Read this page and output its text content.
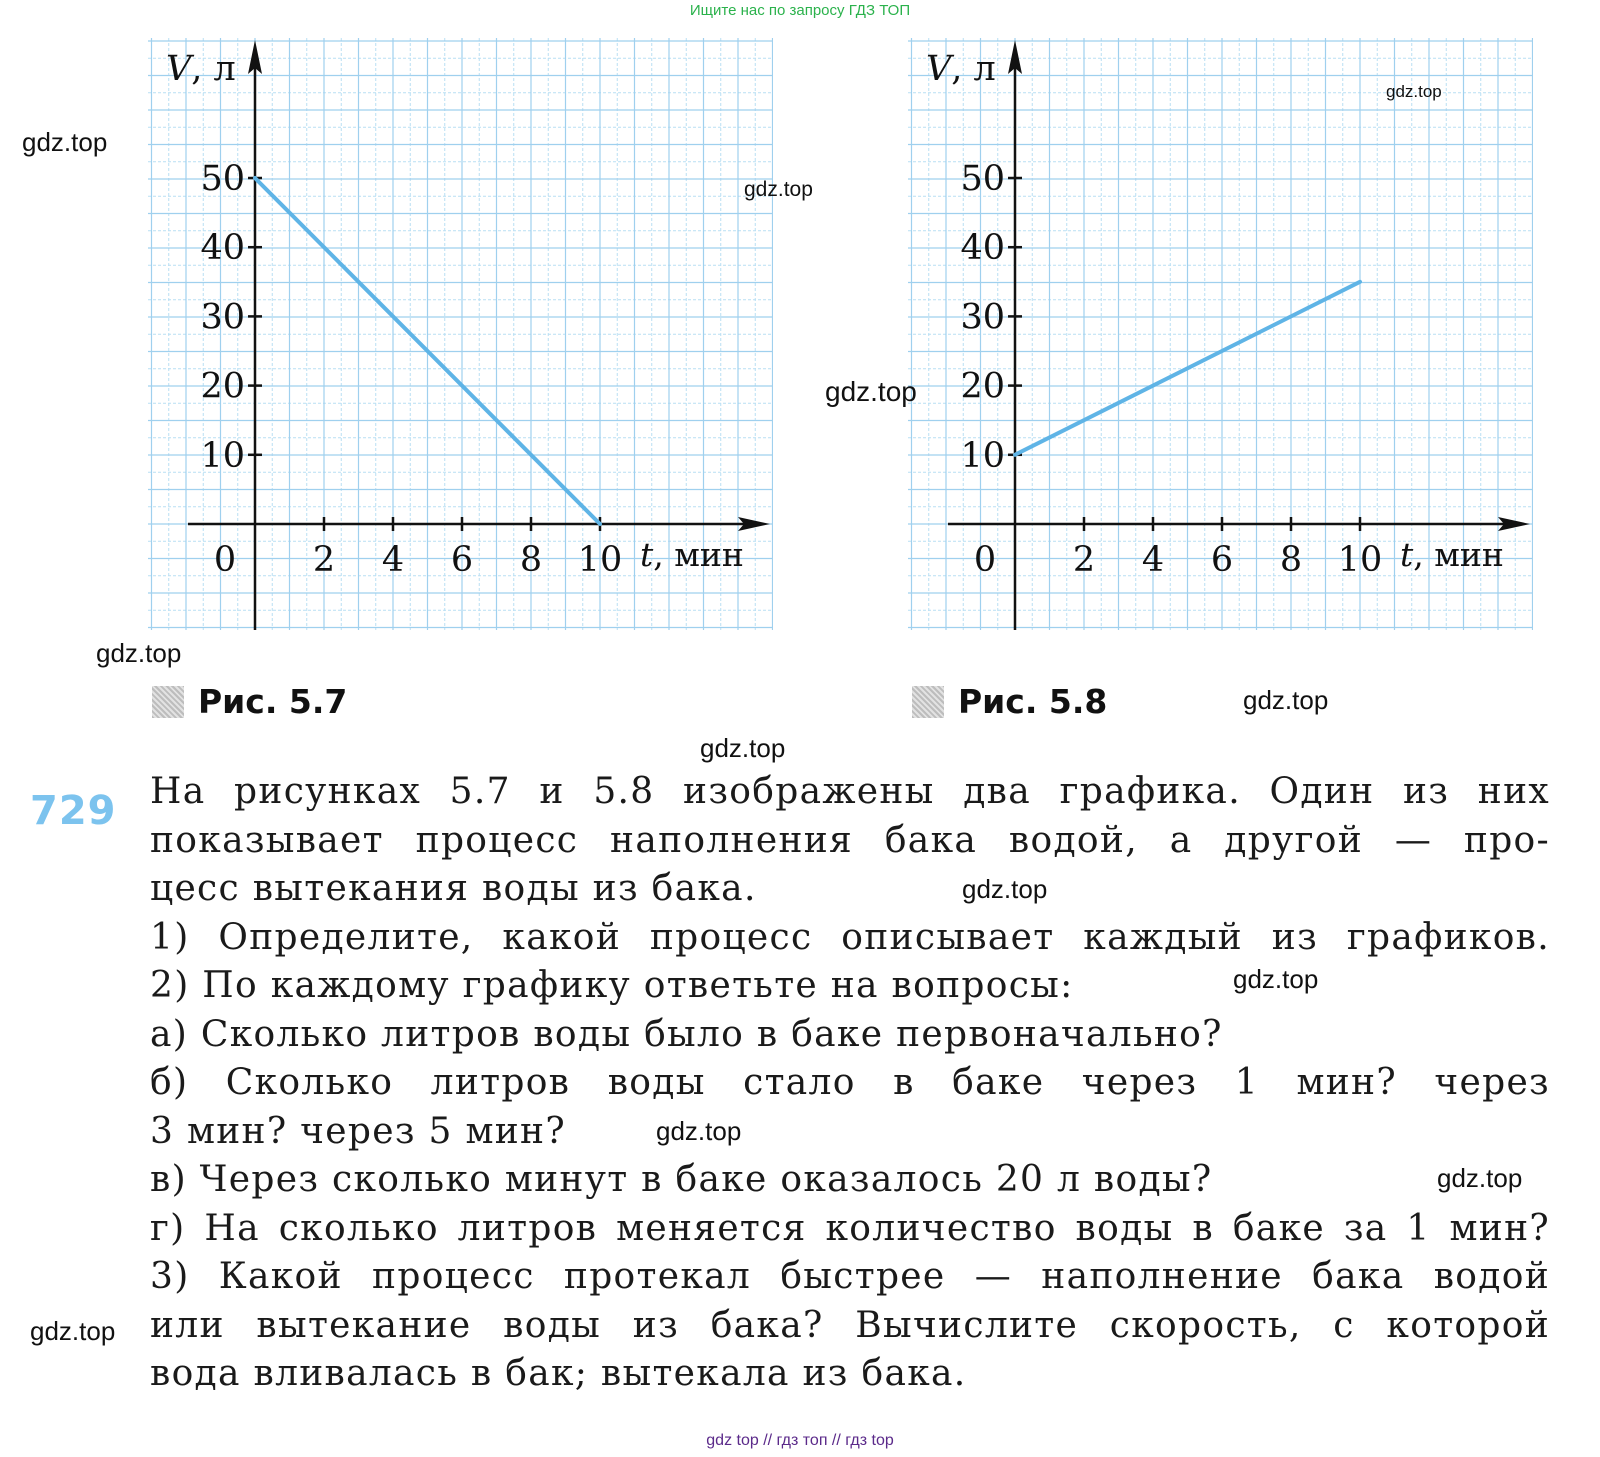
Ищите нас по запросу ГДЗ ТОП
2 4 6 8 10
0
10
20
30
40
50
V, л
t, мин	2 4 6 8 10
0
10
20
30
40
50
V, л
t, мин
Рис. 5.7	Рис. 5.8
gdz.top
gdz.top
gdz.top
gdz.top
gdz.top
gdz.top
gdz.top
gdz.top
gdz.top
gdz.top
gdz.top
gdz.top
729 На рисунках 5.7 и 5.8 изображены два графика. Один из них
показывает процесс наполнения бака водой, а другой — про-
цесс вытекания воды из бака.
1) Определите, какой процесс описывает каждый из графиков.
2) По каждому графику ответьте на вопросы:
а) Сколько литров воды было в баке первоначально?
б) Сколько литров воды стало в баке через 1 мин? через
3 мин? через 5 мин?
в) Через сколько минут в баке оказалось 20 л воды?
г) На сколько литров меняется количество воды в баке за 1 мин?
3) Какой процесс протекал быстрее — наполнение бака водой
или вытекание воды из бака? Вычислите скорость, с которой
вода вливалась в бак; вытекала из бака.
gdz top // гдз топ // гдз top
